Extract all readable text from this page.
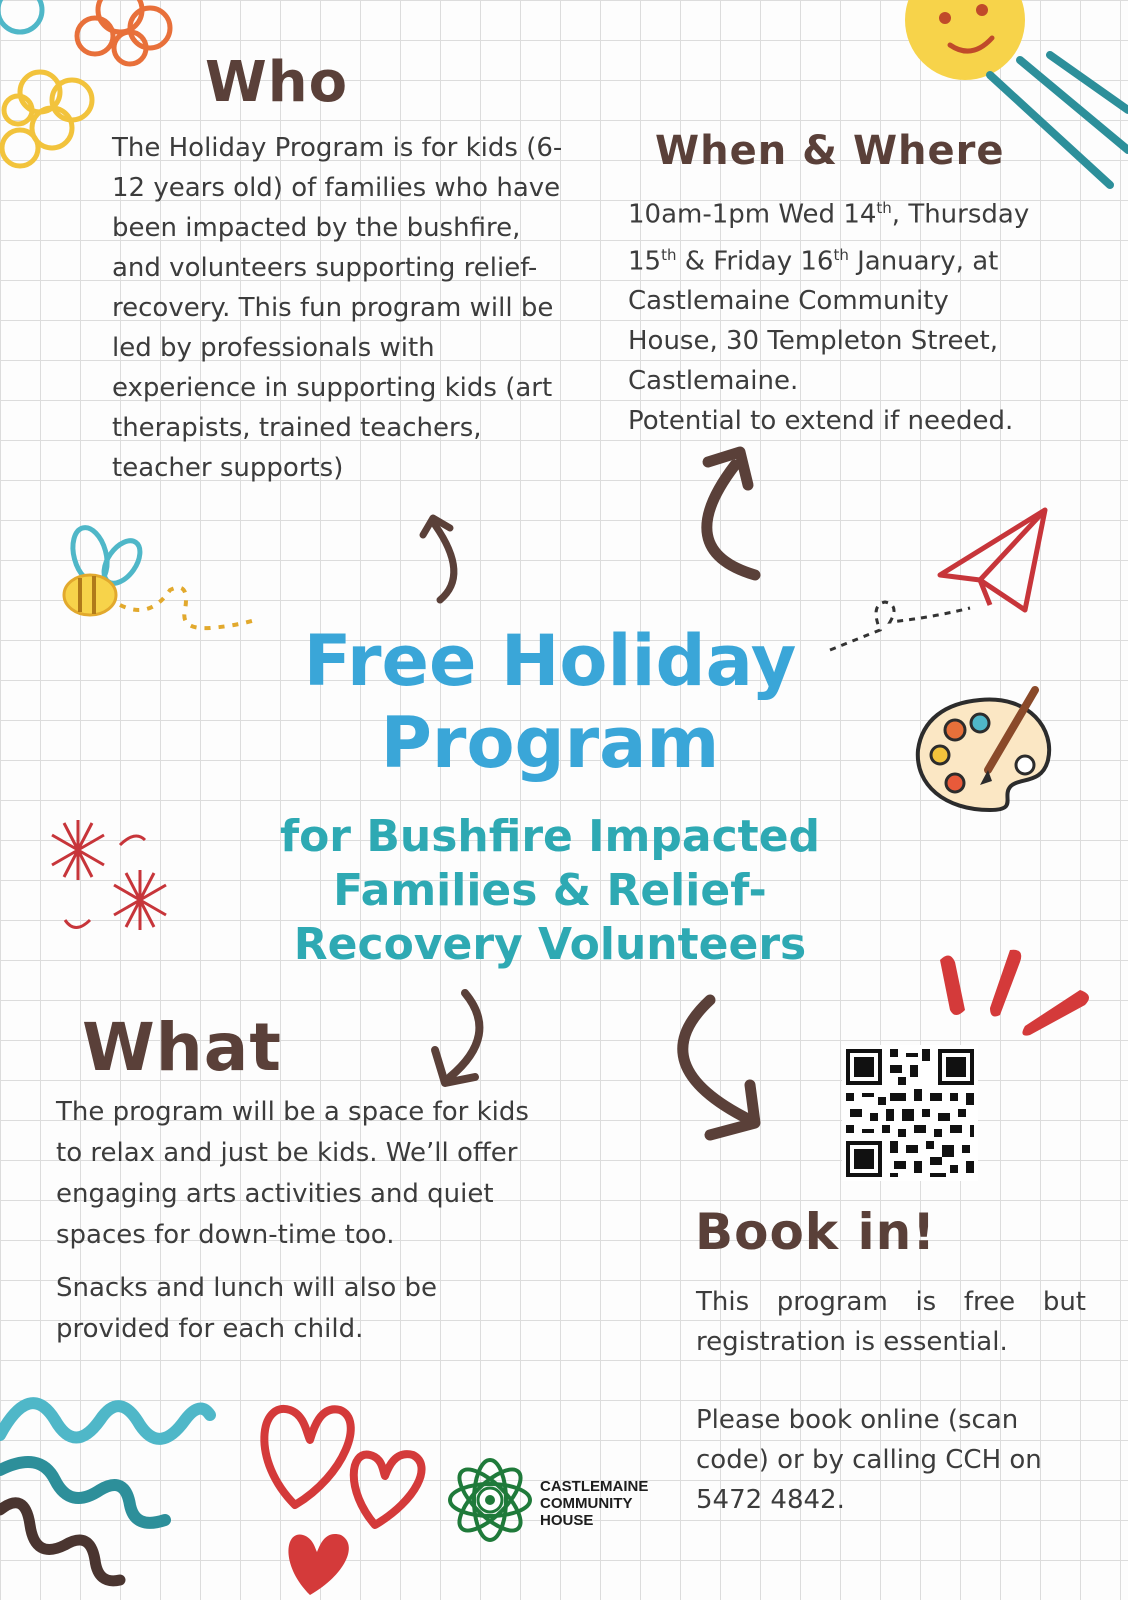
Who

The Holiday Program is for kids (6- 12 years old) of families who have been impacted by the bushfire, and volunteers supporting relief-recovery. This fun program will be led by professionals with experience in supporting kids (art therapists, trained teachers, teacher supports)

When & Where
10am-1pm Wed 14th, Thursday
15th & Friday 16th January, at
Castlemaine Community
House, 30 Templeton Street,
Castlemaine.
Potential to extend if needed.
Free Holiday
Program
for Bushfire Impacted
Families & Relief-
Recovery Volunteers
What

The program will be a space for kids to relax and just be kids. We’ll offer engaging arts activities and quiet spaces for down-time too.

Snacks and lunch will also be provided for each child.

Book in!

This program is free but registration is essential.

Please book online (scan code) or by calling CCH on 5472 4842.

CASTLEMAINE
COMMUNITY
HOUSE
